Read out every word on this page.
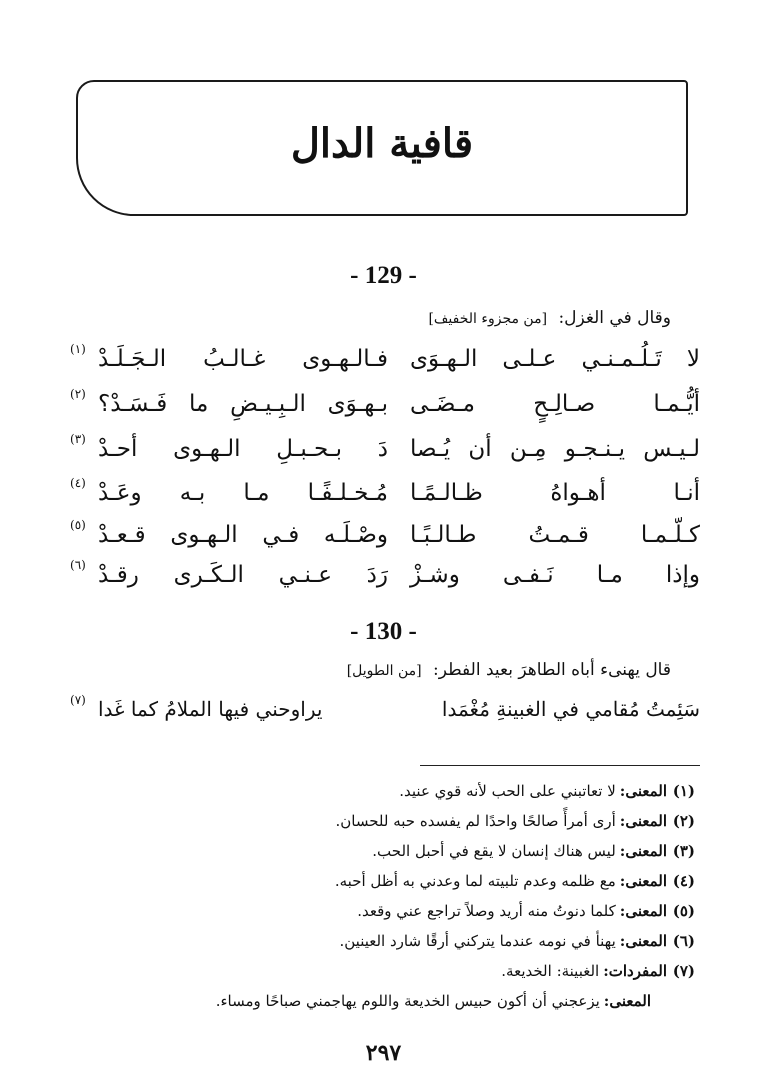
قافية الدال
- 129 -
وقال في الغزل: [من مجزوء الخفيف]
لا تَـلُـمـنـي عـلـى الـهـوَى
فـالـهـوى غـالـبُ الـجَـلَـدْ
(١)
أيُّـمـا صـالِـحٍ مـضَـى
بـهـوَى الـبِـيـضِ ما فَـسَـدْ؟
(٢)
لـيـس يـنـجـو مِـن أن يُـصا
دَ بـحـبـلِ الـهـوى أحـدْ
(٣)
أنـا أهـواهُ ظـالـمًـا
مُـخـلـفًـا مـا بـه وعَـدْ
(٤)
كـلّـمـا قـمـتُ طـالـبًـا
وصْـلَـه فـي الـهـوى قـعـدْ
(٥)
وإذا مـا نَـفـى وشـزْ
رَدَ عـنـي الـكَـرى رقـدْ
(٦)
- 130 -
قال يهنىء أباه الطاهرَ بعيد الفطر: [من الطويل]
سَئِمتُ مُقامي في الغبينةِ مُغْمَدا
يراوحني فيها الملامُ كما غَدا
(٧)
(١)المعنى:لا تعاتبني على الحب لأنه قوي عنيد.
(٢)المعنى:أرى أمرأً صالحًا واحدًا لم يفسده حبه للحسان.
(٣)المعنى:ليس هناك إنسان لا يقع في أحبل الحب.
(٤)المعنى:مع ظلمه وعدم تلبيته لما وعدني به أظل أحبه.
(٥)المعنى:كلما دنوتُ منه أريد وصلاً تراجع عني وقعد.
(٦)المعنى:يهنأ في نومه عندما يتركني أرقًا شارد العينين.
(٧)المفردات:الغبينة: الخديعة.
المعنى:يزعجني أن أكون حبيس الخديعة واللوم يهاجمني صباحًا ومساء.
٢٩٧
